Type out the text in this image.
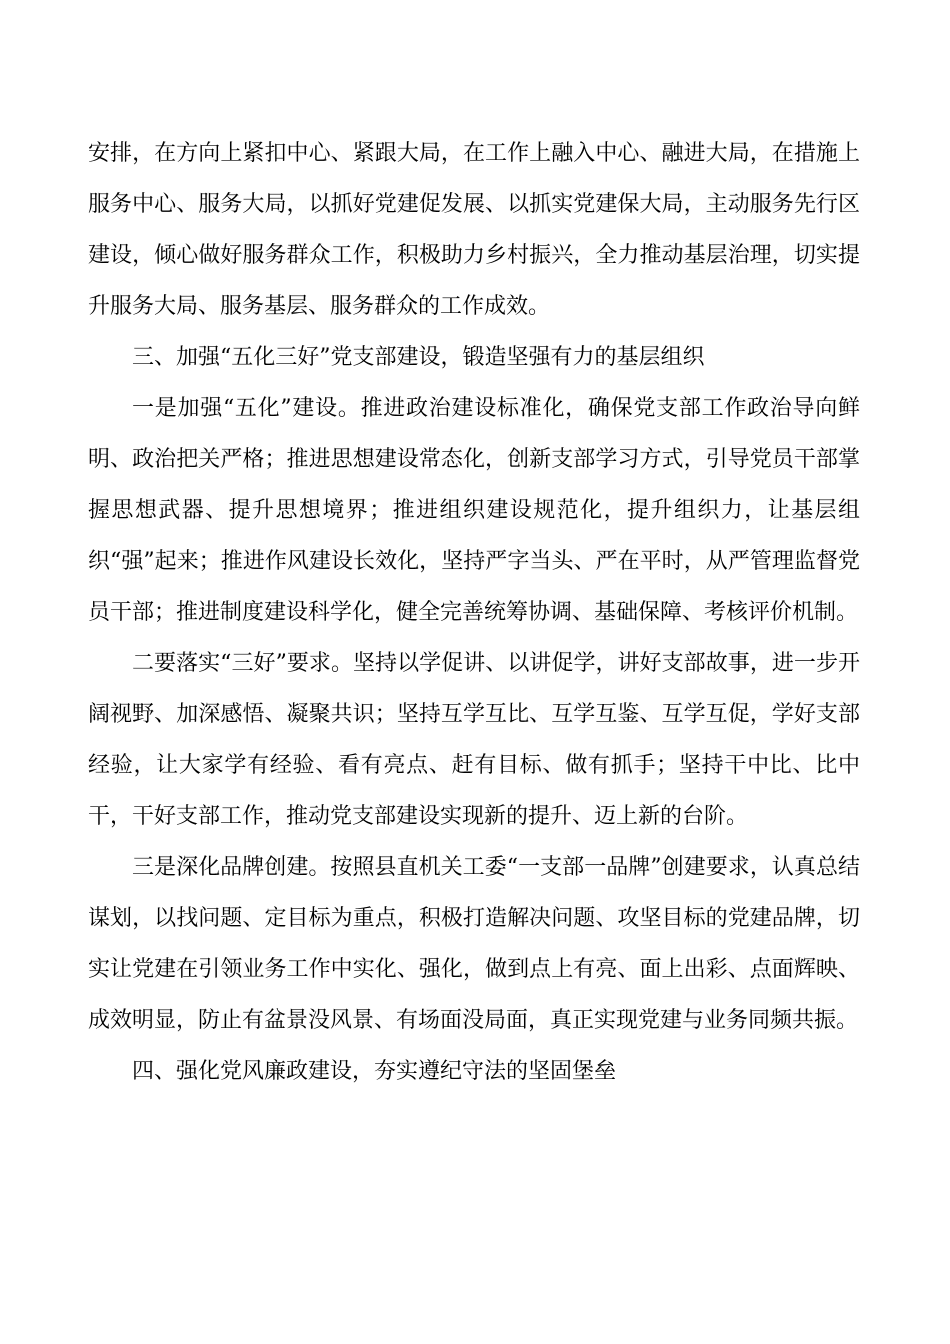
安排，在方向上紧扣中心、紧跟大局，在工作上融入中心、融进大局，在措施上服务中心、服务大局，以抓好党建促发展、以抓实党建保大局，主动服务先行区建设，倾心做好服务群众工作，积极助力乡村振兴，全力推动基层治理，切实提升服务大局、服务基层、服务群众的工作成效。

三、加强“五化三好”党支部建设，锻造坚强有力的基层组织

一是加强“五化”建设。推进政治建设标准化，确保党支部工作政治导向鲜明、政治把关严格；推进思想建设常态化，创新支部学习方式，引导党员干部掌握思想武器、提升思想境界；推进组织建设规范化，提升组织力，让基层组织“强”起来；推进作风建设长效化，坚持严字当头、严在平时，从严管理监督党员干部；推进制度建设科学化，健全完善统筹协调、基础保障、考核评价机制。

二要落实“三好”要求。坚持以学促讲、以讲促学，讲好支部故事，进一步开阔视野、加深感悟、凝聚共识；坚持互学互比、互学互鉴、互学互促，学好支部经验，让大家学有经验、看有亮点、赶有目标、做有抓手；坚持干中比、比中干，干好支部工作，推动党支部建设实现新的提升、迈上新的台阶。

三是深化品牌创建。按照县直机关工委“一支部一品牌”创建要求，认真总结谋划，以找问题、定目标为重点，积极打造解决问题、攻坚目标的党建品牌，切实让党建在引领业务工作中实化、强化，做到点上有亮、面上出彩、点面辉映、成效明显，防止有盆景没风景、有场面没局面，真正实现党建与业务同频共振。

四、强化党风廉政建设，夯实遵纪守法的坚固堡垒
